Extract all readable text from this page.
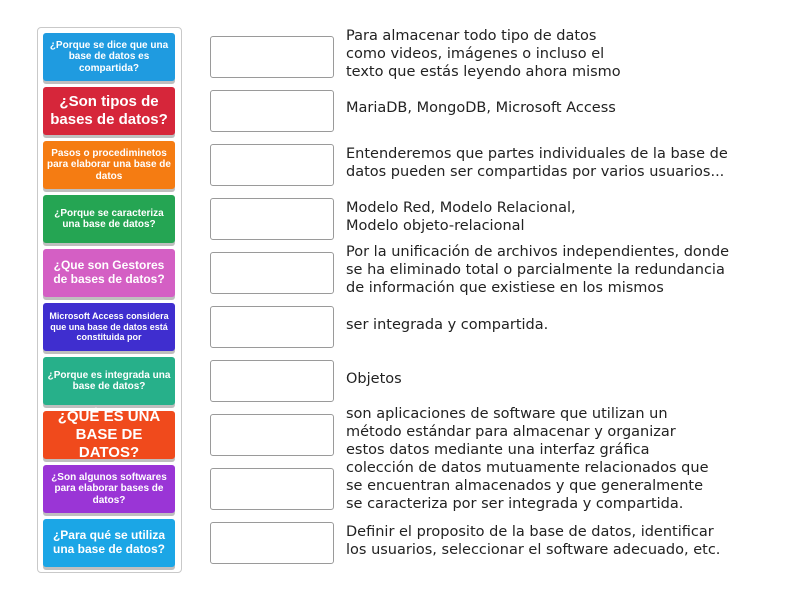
¿Porque se dice que una base de datos es compartida?
¿Son tipos de bases de datos?
Pasos o procediminetos para elaborar una base de datos
¿Porque se caracteriza una base de datos?
¿Que son Gestores de bases de datos?
Microsoft Access considera que una base de datos está constituida por
¿Porque es integrada una base de datos?
¿QUÉ ES UNA BASE DE DATOS?
¿Son algunos softwares para elaborar bases de datos?
¿Para qué se utiliza una base de datos?
Para almacenar todo tipo de datos
como videos, imágenes o incluso el
texto que estás leyendo ahora mismo
MariaDB, MongoDB, Microsoft Access
Entenderemos que partes individuales de la base de
datos pueden ser compartidas por varios usuarios...
Modelo Red, Modelo Relacional,
Modelo objeto-relacional
Por la unificación de archivos independientes, donde
se ha eliminado total o parcialmente la redundancia
de información que existiese en los mismos
ser integrada y compartida.
Objetos
son aplicaciones de software que utilizan un
método estándar para almacenar y organizar
estos datos mediante una interfaz gráfica
colección de datos mutuamente relacionados que
se encuentran almacenados y que generalmente
se caracteriza por ser integrada y compartida.
Definir el proposito de la base de datos, identificar
los usuarios, seleccionar el software adecuado, etc.
